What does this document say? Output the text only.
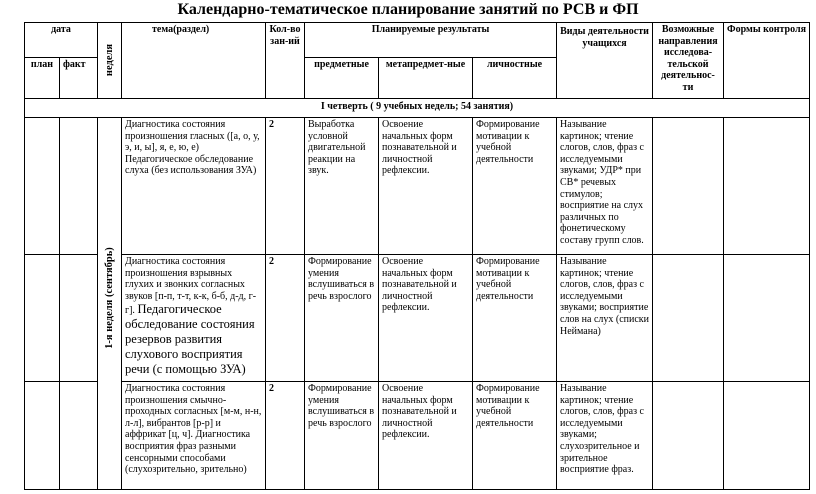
Календарно-тематическое планирование занятий по РСВ и ФП
дата		неделя	тема(раздел)	Кол-во зан-ий	Планируемые результаты			Виды деятельности учащихся	Возможные направления исследова-тельской деятельнос-ти	Формы контроля
план	факт				предметные	метапредмет-ные	личностные			
I четверть ( 9 учебных недель; 54 занятия)										

		1-я неделя (сентябрь)	Диагностика состояния произношения гласных ([а, о, у, э, и, ы], я, е, ю, е) Педагогическое обследование слуха (без использования ЗУА)	2	Выработка условной двигательной реакции на звук.	Освоение начальных форм познавательной и личностной рефлексии.	Формирование мотивации к учебной деятельности	Называние картинок; чтение слогов, слов, фраз с исследуемыми звуками; УДР* при СВ* речевых стимулов; восприятие на слух различных по фонетическому составу групп слов.		
			Диагностика состояния произношения взрывных глухих и звонких согласных звуков [п-п, т-т, к-к, б-б, д-д, г-г]. Педагогическое обследование состояния резервов развития слухового восприятия речи (с помощью ЗУА)	2	Формирование умения вслушиваться в речь взрослого	Освоение начальных форм познавательной и личностной рефлексии.	Формирование мотивации к учебной деятельности	Называние картинок; чтение слогов, слов, фраз с исследуемыми звуками; восприятие слов на слух (списки Неймана)		
			Диагностика состояния произношения смычно-проходных согласных [м-м, н-н, л-л], вибрантов [р-р] и аффрикат [ц, ч]. Диагностика восприятия фраз разными сенсорными способами (слухозрительно, зрительно)	2	Формирование умения вслушиваться в речь взрослого	Освоение начальных форм познавательной и личностной рефлексии.	Формирование мотивации к учебной деятельности	Называние картинок; чтение слогов, слов, фраз с исследуемыми звуками; слухозрительное и зрительное восприятие фраз.		
